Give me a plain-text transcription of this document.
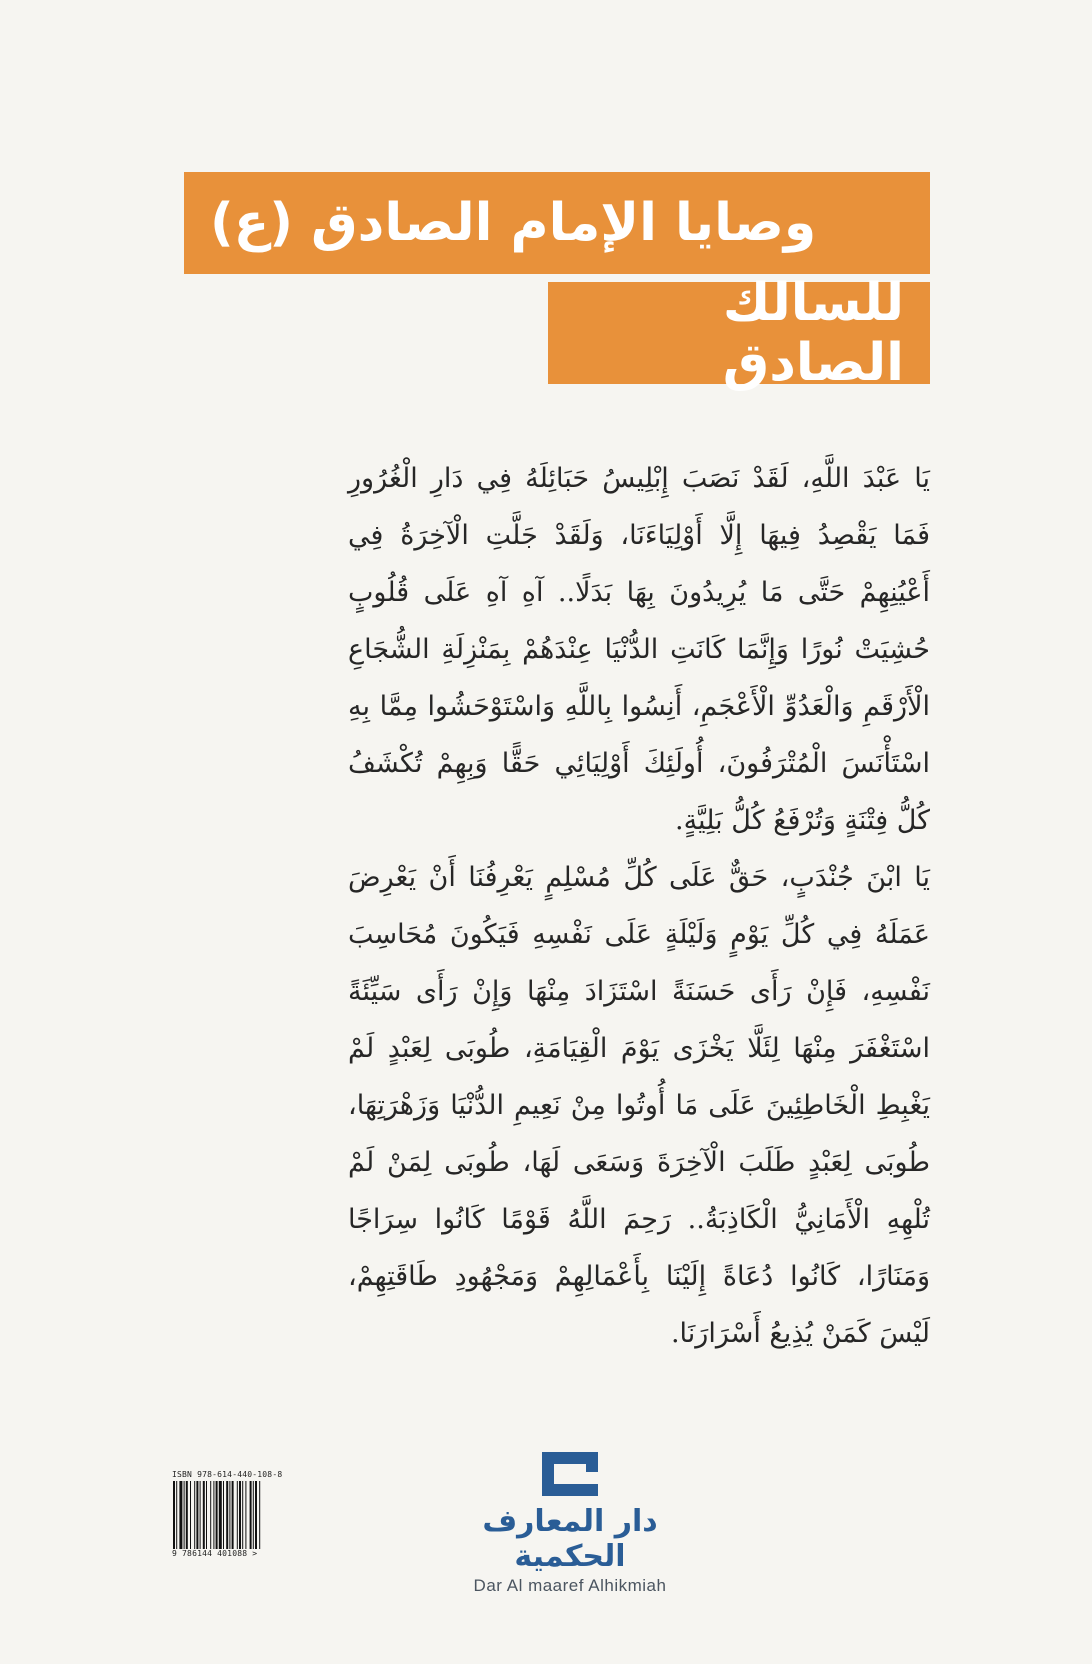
وصايا الإمام الصادق (ع)
للسالك الصادق

يَا عَبْدَ اللَّهِ، لَقَدْ نَصَبَ إِبْلِيسُ حَبَائِلَهُ فِي دَارِ الْغُرُورِ فَمَا يَقْصِدُ فِيهَا إِلَّا أَوْلِيَاءَنَا، وَلَقَدْ جَلَّتِ الْآخِرَةُ فِي أَعْيُنِهِمْ حَتَّى مَا يُرِيدُونَ بِهَا بَدَلًا.. آهِ آهِ عَلَى قُلُوبٍ حُشِيَتْ نُورًا وَإِنَّمَا كَانَتِ الدُّنْيَا عِنْدَهُمْ بِمَنْزِلَةِ الشُّجَاعِ الْأَرْقَمِ وَالْعَدُوِّ الْأَعْجَمِ، أَنِسُوا بِاللَّهِ وَاسْتَوْحَشُوا مِمَّا بِهِ اسْتَأْنَسَ الْمُتْرَفُونَ، أُولَئِكَ أَوْلِيَائِي حَقًّا وَبِهِمْ تُكْشَفُ كُلُّ فِتْنَةٍ وَتُرْفَعُ كُلُّ بَلِيَّةٍ.

يَا ابْنَ جُنْدَبٍ، حَقٌّ عَلَى كُلِّ مُسْلِمٍ يَعْرِفُنَا أَنْ يَعْرِضَ عَمَلَهُ فِي كُلِّ يَوْمٍ وَلَيْلَةٍ عَلَى نَفْسِهِ فَيَكُونَ مُحَاسِبَ نَفْسِهِ، فَإِنْ رَأَى حَسَنَةً اسْتَزَادَ مِنْهَا وَإِنْ رَأَى سَيِّئَةً اسْتَغْفَرَ مِنْهَا لِئَلَّا يَخْزَى يَوْمَ الْقِيَامَةِ، طُوبَى لِعَبْدٍ لَمْ يَغْبِطِ الْخَاطِئِينَ عَلَى مَا أُوتُوا مِنْ نَعِيمِ الدُّنْيَا وَزَهْرَتِهَا، طُوبَى لِعَبْدٍ طَلَبَ الْآخِرَةَ وَسَعَى لَهَا، طُوبَى لِمَنْ لَمْ تُلْهِهِ الْأَمَانِيُّ الْكَاذِبَةُ.. رَحِمَ اللَّهُ قَوْمًا كَانُوا سِرَاجًا وَمَنَارًا، كَانُوا دُعَاةً إِلَيْنَا بِأَعْمَالِهِمْ وَمَجْهُودِ طَاقَتِهِمْ، لَيْسَ كَمَنْ يُذِيعُ أَسْرَارَنَا.

ISBN 978-614-440-108-8
9 786144 401088 >
دار المعارف الحكمية
Dar Al maaref Alhikmiah
